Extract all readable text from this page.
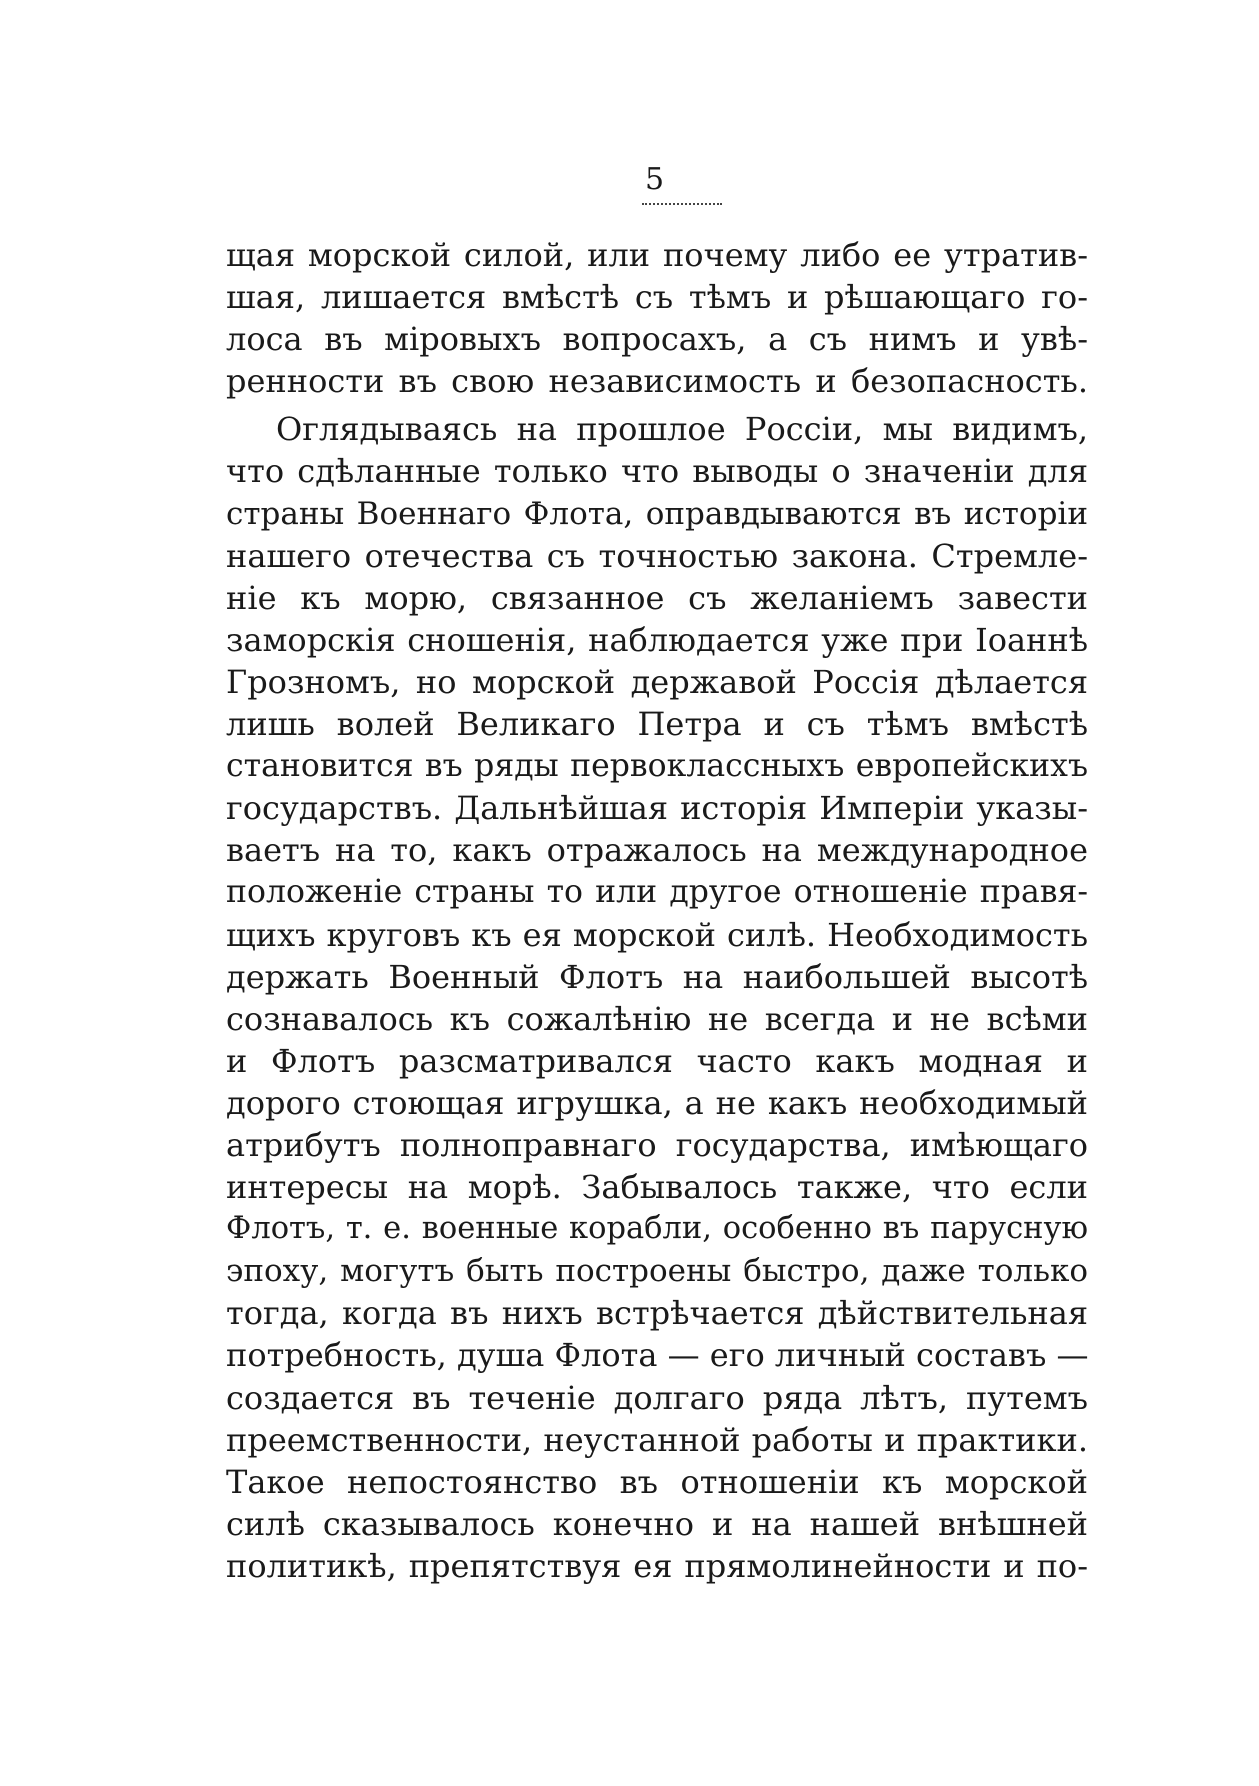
5
щая морской силой, или почему либо ее утратив-
шая, лишается вмѣстѣ съ тѣмъ и рѣшающаго го-
лоса въ мiровыхъ вопросахъ, а съ нимъ и увѣ-
ренности въ свою независимость и безопасность.
Оглядываясь на прошлое Россiи, мы видимъ,
что сдѣланные только что выводы о значенiи для
страны Военнаго Флота, оправдываются въ исторiи
нашего отечества съ точностью закона. Стремле-
нiе къ морю, связанное съ желанiемъ завести
заморскiя сношенiя, наблюдается уже при Iоаннѣ
Грозномъ, но морской державой Россiя дѣлается
лишь волей Великаго Петра и съ тѣмъ вмѣстѣ
становится въ ряды первоклассныхъ европейскихъ
государствъ. Дальнѣйшая исторiя Имперiи указы-
ваетъ на то, какъ отражалось на международное
положенiе страны то или другое отношенiе правя-
щихъ круговъ къ ея морской силѣ. Необходимость
держать Военный Флотъ на наибольшей высотѣ
сознавалось къ сожалѣнiю не всегда и не всѣми
и Флотъ разсматривался часто какъ модная и
дорого стоющая игрушка, а не какъ необходимый
атрибутъ полноправнаго государства, имѣющаго
интересы на морѣ. Забывалось также, что если
Флотъ, т. е. военные корабли, особенно въ парусную
эпоху, могутъ быть построены быстро, даже только
тогда, когда въ нихъ встрѣчается дѣйствительная
потребность, душа Флота — его личный составъ —
создается въ теченiе долгаго ряда лѣтъ, путемъ
преемственности, неустанной работы и практики.
Такое непостоянство въ отношенiи къ морской
силѣ сказывалось конечно и на нашей внѣшней
политикѣ, препятствуя ея прямолинейности и по-
